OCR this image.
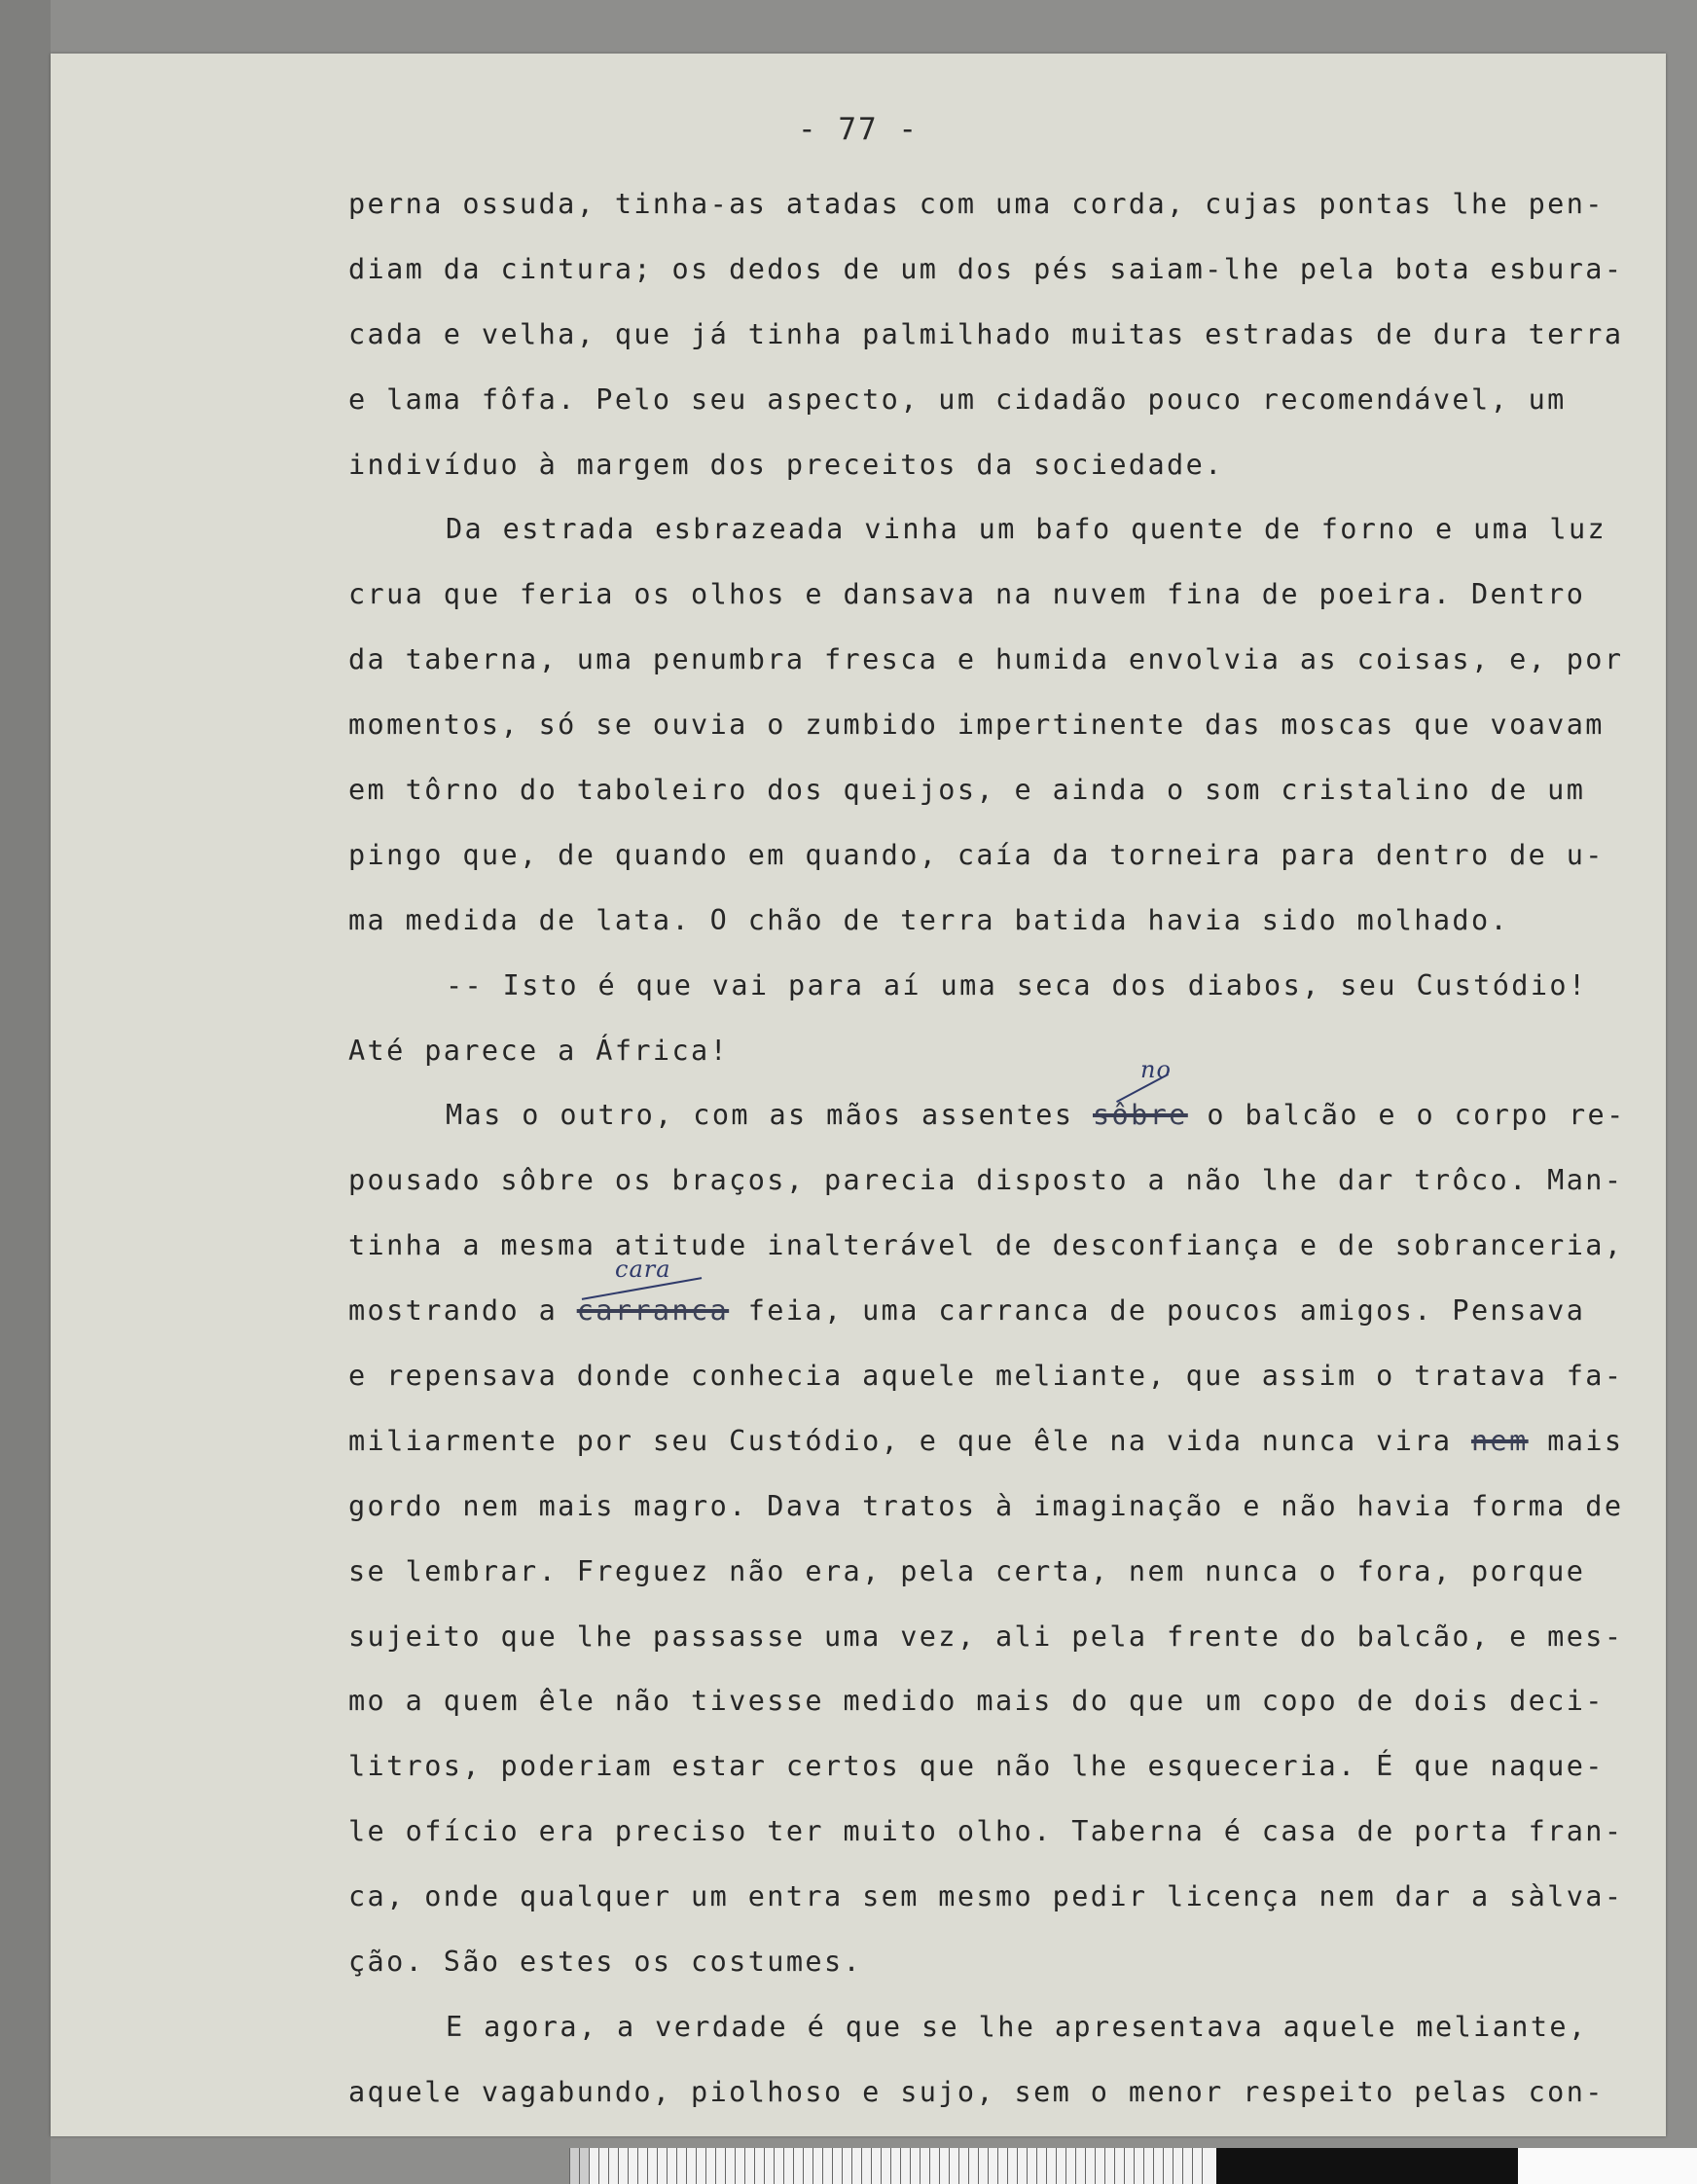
- 77 -
perna ossuda, tinha-as atadas com uma corda, cujas pontas lhe pen-
diam da cintura; os dedos de um dos pés saiam-lhe pela bota esbura-
cada e velha, que já tinha palmilhado muitas estradas de dura terra
e lama fôfa. Pelo seu aspecto, um cidadão pouco recomendável, um
indivíduo à margem dos preceitos da sociedade.
Da estrada esbrazeada vinha um bafo quente de forno e uma luz
crua que feria os olhos e dansava na nuvem fina de poeira. Dentro
da taberna, uma penumbra fresca e humida envolvia as coisas, e, por
momentos, só se ouvia o zumbido impertinente das moscas que voavam
em tôrno do taboleiro dos queijos, e ainda o som cristalino de um
pingo que, de quando em quando, caía da torneira para dentro de u-
ma medida de lata. O chão de terra batida havia sido molhado.
-- Isto é que vai para aí uma seca dos diabos, seu Custódio!
Até parece a África!
Mas o outro, com as mãos assentes sôbre o balcão e o corpo re-
pousado sôbre os braços, parecia disposto a não lhe dar trôco. Man-
tinha a mesma atitude inalterável de desconfiança e de sobranceria,
mostrando a carranca feia, uma carranca de poucos amigos. Pensava
e repensava donde conhecia aquele meliante, que assim o tratava fa-
miliarmente por seu Custódio, e que êle na vida nunca vira nem mais
gordo nem mais magro. Dava tratos à imaginação e não havia forma de
se lembrar. Freguez não era, pela certa, nem nunca o fora, porque
sujeito que lhe passasse uma vez, ali pela frente do balcão, e mes-
mo a quem êle não tivesse medido mais do que um copo de dois deci-
litros, poderiam estar certos que não lhe esqueceria. É que naque-
le ofício era preciso ter muito olho. Taberna é casa de porta fran-
ca, onde qualquer um entra sem mesmo pedir licença nem dar a sàlva-
ção. São estes os costumes.
E agora, a verdade é que se lhe apresentava aquele meliante,
aquele vagabundo, piolhoso e sujo, sem o menor respeito pelas con-
no
cara
